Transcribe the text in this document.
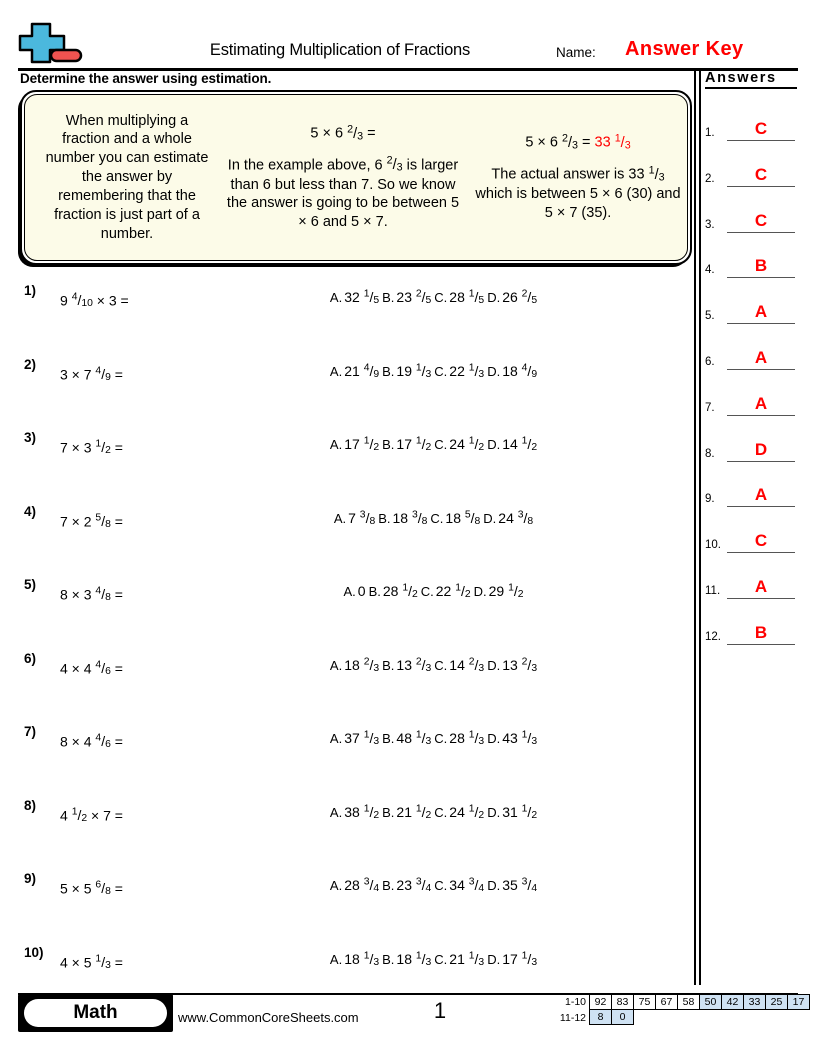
Estimating Multiplication of Fractions	Name: Answer Key
Determine the answer using estimation.
When multiplying a fraction and a whole number you can estimate the answer by remembering that the fraction is just part of a number.
5 × 6 $^2$/3 =
In the example above, 6 $^2$/3 is larger than 6 but less than 7. So we know the answer is going to be between 5 × 6 and 5 × 7.
5 × 6 $^2$/3 = 33 $^1$/3
The actual answer is 33 $^1$/3 which is between 5 × 6 (30) and 5 × 7 (35).
1)
9 $^4$/10 × 3 =	A. 32 $^1$/5 B. 23 $^2$/5 C. 28 $^1$/5 D. 26 $^2$/5
2)
3 × 7 $^4$/9 =	A. 21 $^4$/9 B. 19 $^1$/3 C. 22 $^1$/3 D. 18 $^4$/9
3)
7 × 3 $^1$/2 =	A. 17 $^1$/2 B. 17 $^1$/2 C. 24 $^1$/2 D. 14 $^1$/2
4)
7 × 2 $^5$/8 =	A. 7 $^3$/8 B. 18 $^3$/8 C. 18 $^5$/8 D. 24 $^3$/8
5)
8 × 3 $^4$/8 =	A. 0 B. 28 $^1$/2 C. 22 $^1$/2 D. 29 $^1$/2
6)
4 × 4 $^4$/6 =	A. 18 $^2$/3 B. 13 $^2$/3 C. 14 $^2$/3 D. 13 $^2$/3
7)
8 × 4 $^4$/6 =	A. 37 $^1$/3 B. 48 $^1$/3 C. 28 $^1$/3 D. 43 $^1$/3
8)
4 $^1$/2 × 7 =	A. 38 $^1$/2 B. 21 $^1$/2 C. 24 $^1$/2 D. 31 $^1$/2
9)
5 × 5 $^6$/8 =	A. 28 $^3$/4 B. 23 $^3$/4 C. 34 $^3$/4 D. 35 $^3$/4
10)
4 × 5 $^1$/3 =	A. 18 $^1$/3 B. 18 $^1$/3 C. 21 $^1$/3 D. 17 $^1$/3
Answers
1.	C
2.	C
3.	C
4.	B
5.	A
6.	A
7.	A
8.	D
9.	A
10.	C
11.	A
12.	B
Math	www.CommonCoreSheets.com	1	1-10 92 83 75 67 58 50 42 33 25 17
11-12	8	0
